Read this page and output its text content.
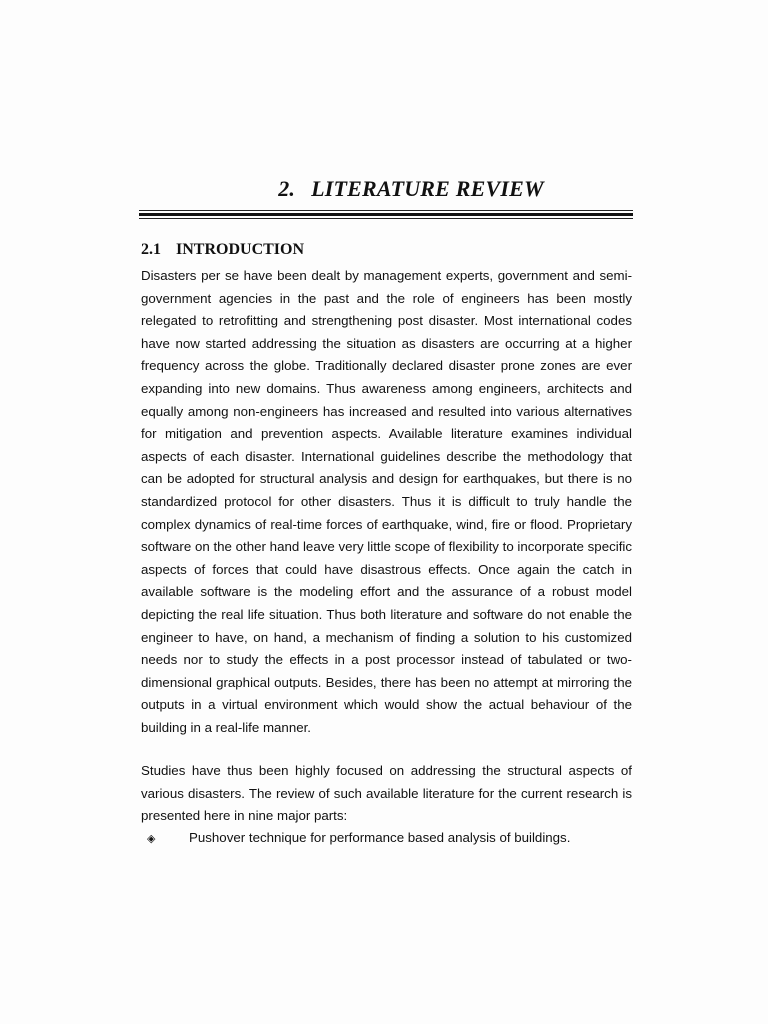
2. LITERATURE REVIEW
2.1 INTRODUCTION

Disasters per se have been dealt by management experts, government and semi-government agencies in the past and the role of engineers has been mostly relegated to retrofitting and strengthening post disaster. Most international codes have now started addressing the situation as disasters are occurring at a higher frequency across the globe. Traditionally declared disaster prone zones are ever expanding into new domains. Thus awareness among engineers, architects and equally among non-engineers has increased and resulted into various alternatives for mitigation and prevention aspects. Available literature examines individual aspects of each disaster. International guidelines describe the methodology that can be adopted for structural analysis and design for earthquakes, but there is no standardized protocol for other disasters. Thus it is difficult to truly handle the complex dynamics of real-time forces of earthquake, wind, fire or flood. Proprietary software on the other hand leave very little scope of flexibility to incorporate specific aspects of forces that could have disastrous effects. Once again the catch in available software is the modeling effort and the assurance of a robust model depicting the real life situation. Thus both literature and software do not enable the engineer to have, on hand, a mechanism of finding a solution to his customized needs nor to study the effects in a post processor instead of tabulated or two-dimensional graphical outputs. Besides, there has been no attempt at mirroring the outputs in a virtual environment which would show the actual behaviour of the building in a real-life manner.

Studies have thus been highly focused on addressing the structural aspects of various disasters. The review of such available literature for the current research is presented here in nine major parts:

◈	Pushover technique for performance based analysis of buildings.
